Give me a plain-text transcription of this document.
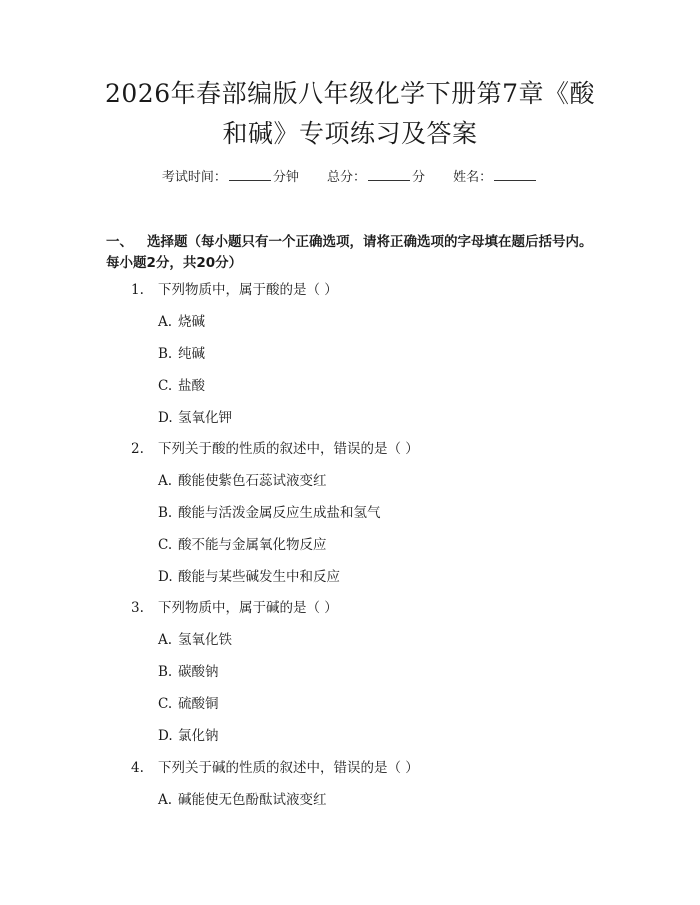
2026年春部编版八年级化学下册第7章《酸
和碱》专项练习及答案
考试时间：	分钟 总分：	分 姓名：
一、 选择题（每小题只有一个正确选项，请将正确选项的字母填在题后括号内。
每小题2分，共20分）
1. 下列物质中，属于酸的是（ ）
A. 烧碱
B. 纯碱
C. 盐酸
D. 氢氧化钾
2. 下列关于酸的性质的叙述中，错误的是（ ）
A. 酸能使紫色石蕊试液变红
B. 酸能与活泼金属反应生成盐和氢气
C. 酸不能与金属氧化物反应
D. 酸能与某些碱发生中和反应
3. 下列物质中，属于碱的是（ ）
A. 氢氧化铁
B. 碳酸钠
C. 硫酸铜
D. 氯化钠
4. 下列关于碱的性质的叙述中，错误的是（ ）
A. 碱能使无色酚酞试液变红
